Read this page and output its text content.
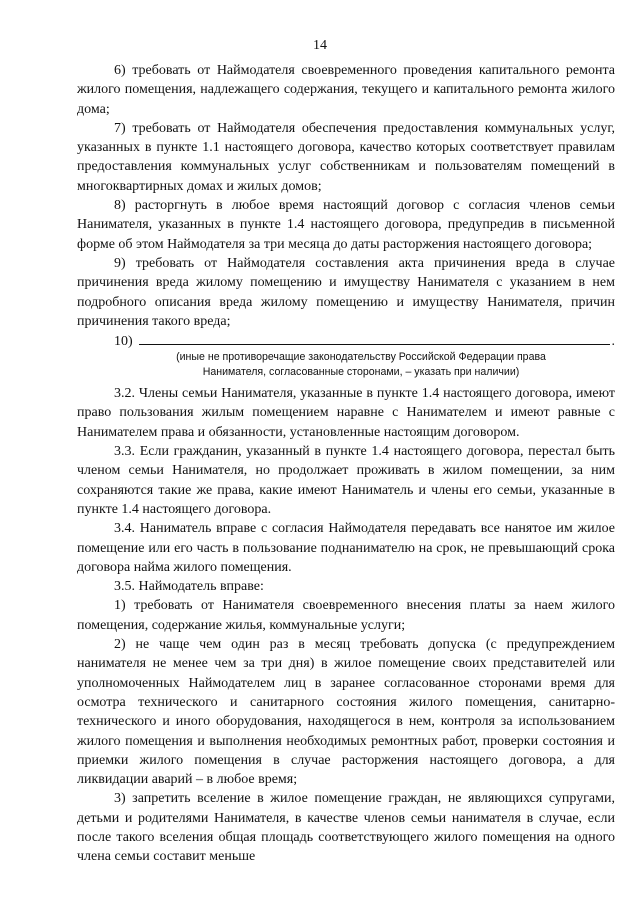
14

6) требовать от Наймодателя своевременного проведения капитального ремонта жилого помещения, надлежащего содержания, текущего и капитального ремонта жилого дома;

7) требовать от Наймодателя обеспечения предоставления коммунальных услуг, указанных в пункте 1.1 настоящего договора, качество которых соответствует правилам предоставления коммунальных услуг собственникам и пользователям помещений в многоквартирных домах и жилых домов;

8) расторгнуть в любое время настоящий договор с согласия членов семьи Нанимателя, указанных в пункте 1.4 настоящего договора, предупредив в письменной форме об этом Наймодателя за три месяца до даты расторжения настоящего договора;

9) требовать от Наймодателя составления акта причинения вреда в случае причинения вреда жилому помещению и имуществу Нанимателя с указанием в нем подробного описания вреда жилому помещению и имуществу Нанимателя, причин причинения такого вреда;

10)	.

(иные не противоречащие законодательству Российской Федерации права

Нанимателя, согласованные сторонами, – указать при наличии)

3.2. Члены семьи Нанимателя, указанные в пункте 1.4 настоящего договора, имеют право пользования жилым помещением наравне с Нанимателем и имеют равные с Нанимателем права и обязанности, установленные настоящим договором.

3.3. Если гражданин, указанный в пункте 1.4 настоящего договора, перестал быть членом семьи Нанимателя, но продолжает проживать в жилом помещении, за ним сохраняются такие же права, какие имеют Наниматель и члены его семьи, указанные в пункте 1.4 настоящего договора.

3.4. Наниматель вправе с согласия Наймодателя передавать все нанятое им жилое помещение или его часть в пользование поднанимателю на срок, не превышающий срока договора найма жилого помещения.

3.5. Наймодатель вправе:

1) требовать от Нанимателя своевременного внесения платы за наем жилого помещения, содержание жилья, коммунальные услуги;

2) не чаще чем один раз в месяц требовать допуска (с предупреждением нанимателя не менее чем за три дня) в жилое помещение своих представителей или уполномоченных Наймодателем лиц в заранее согласованное сторонами время для осмотра технического и санитарного состояния жилого помещения, санитарно-технического и иного оборудования, находящегося в нем, контроля за использованием жилого помещения и выполнения необходимых ремонтных работ, проверки состояния и приемки жилого помещения в случае расторжения настоящего договора, а для ликвидации аварий – в любое время;

3) запретить вселение в жилое помещение граждан, не являющихся супругами, детьми и родителями Нанимателя, в качестве членов семьи нанимателя в случае, если после такого вселения общая площадь соответствующего жилого помещения на одного члена семьи составит меньше
